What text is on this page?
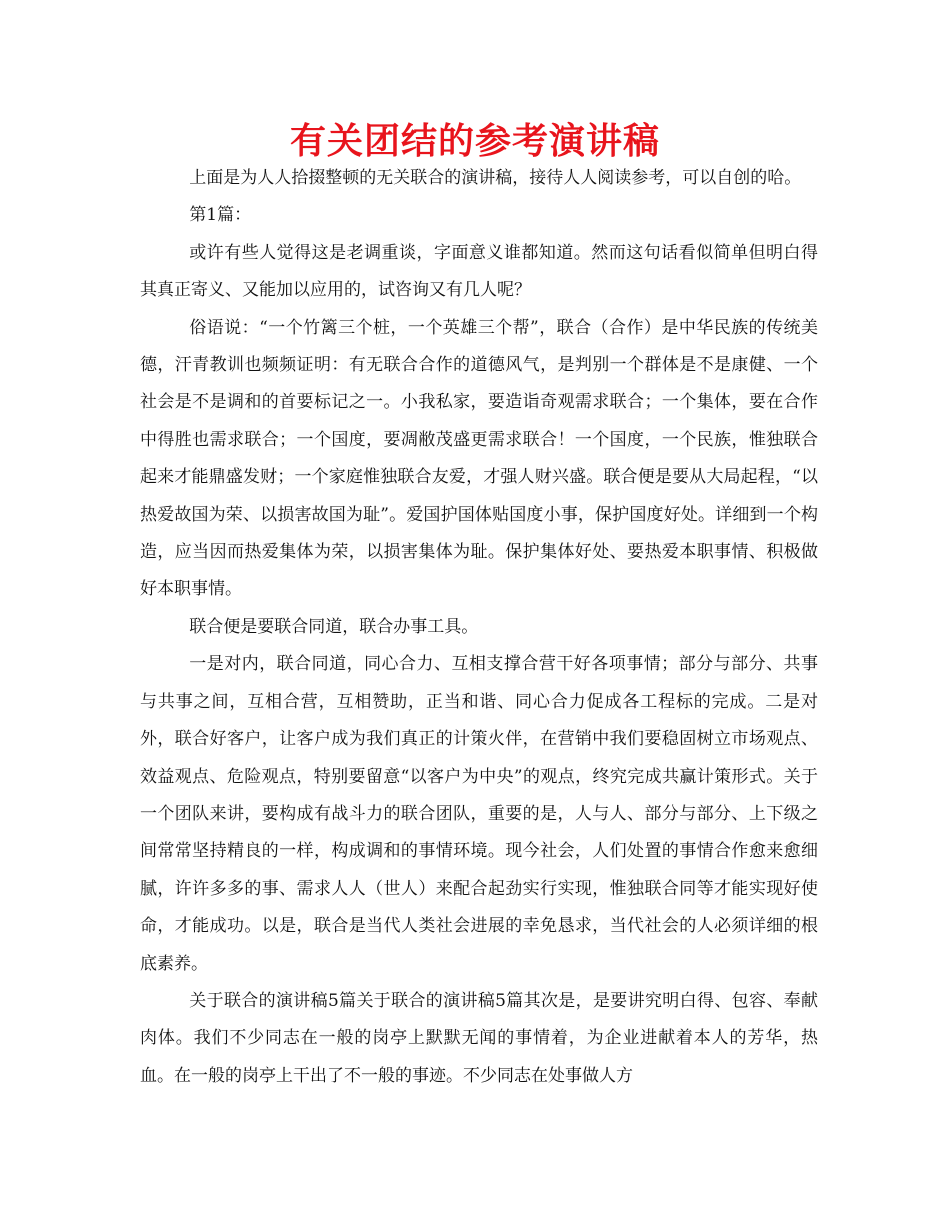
有关团结的参考演讲稿

上面是为人人拾掇整顿的无关联合的演讲稿，接待人人阅读参考，可以自创的哈。

第1篇：

或许有些人觉得这是老调重谈，字面意义谁都知道。然而这句话看似简单但明白得其真正寄义、又能加以应用的，试咨询又有几人呢？

俗语说：“一个竹篱三个桩，一个英雄三个帮”，联合（合作）是中华民族的传统美德，汗青教训也频频证明：有无联合合作的道德风气，是判别一个群体是不是康健、一个社会是不是调和的首要标记之一。小我私家，要造诣奇观需求联合；一个集体，要在合作中得胜也需求联合；一个国度，要凋敝茂盛更需求联合！一个国度，一个民族，惟独联合起来才能鼎盛发财；一个家庭惟独联合友爱，才强人财兴盛。联合便是要从大局起程，“以热爱故国为荣、以损害故国为耻”。爱国护国体贴国度小事，保护国度好处。详细到一个构造，应当因而热爱集体为荣，以损害集体为耻。保护集体好处、要热爱本职事情、积极做好本职事情。

联合便是要联合同道，联合办事工具。

一是对内，联合同道，同心合力、互相支撑合营干好各项事情；部分与部分、共事与共事之间，互相合营，互相赞助，正当和谐、同心合力促成各工程标的完成。二是对外，联合好客户，让客户成为我们真正的计策火伴，在营销中我们要稳固树立市场观点、效益观点、危险观点，特别要留意“以客户为中央”的观点，终究完成共赢计策形式。关于一个团队来讲，要构成有战斗力的联合团队，重要的是，人与人、部分与部分、上下级之间常常坚持精良的一样，构成调和的事情环境。现今社会，人们处置的事情合作愈来愈细腻，许许多多的事、需求人人（世人）来配合起劲实行实现，惟独联合同等才能实现好使命，才能成功。以是，联合是当代人类社会进展的幸免恳求，当代社会的人必须详细的根底素养。

关于联合的演讲稿5篇关于联合的演讲稿5篇其次是，是要讲究明白得、包容、奉献肉体。我们不少同志在一般的岗亭上默默无闻的事情着，为企业进献着本人的芳华，热血。在一般的岗亭上干出了不一般的事迹。不少同志在处事做人方
